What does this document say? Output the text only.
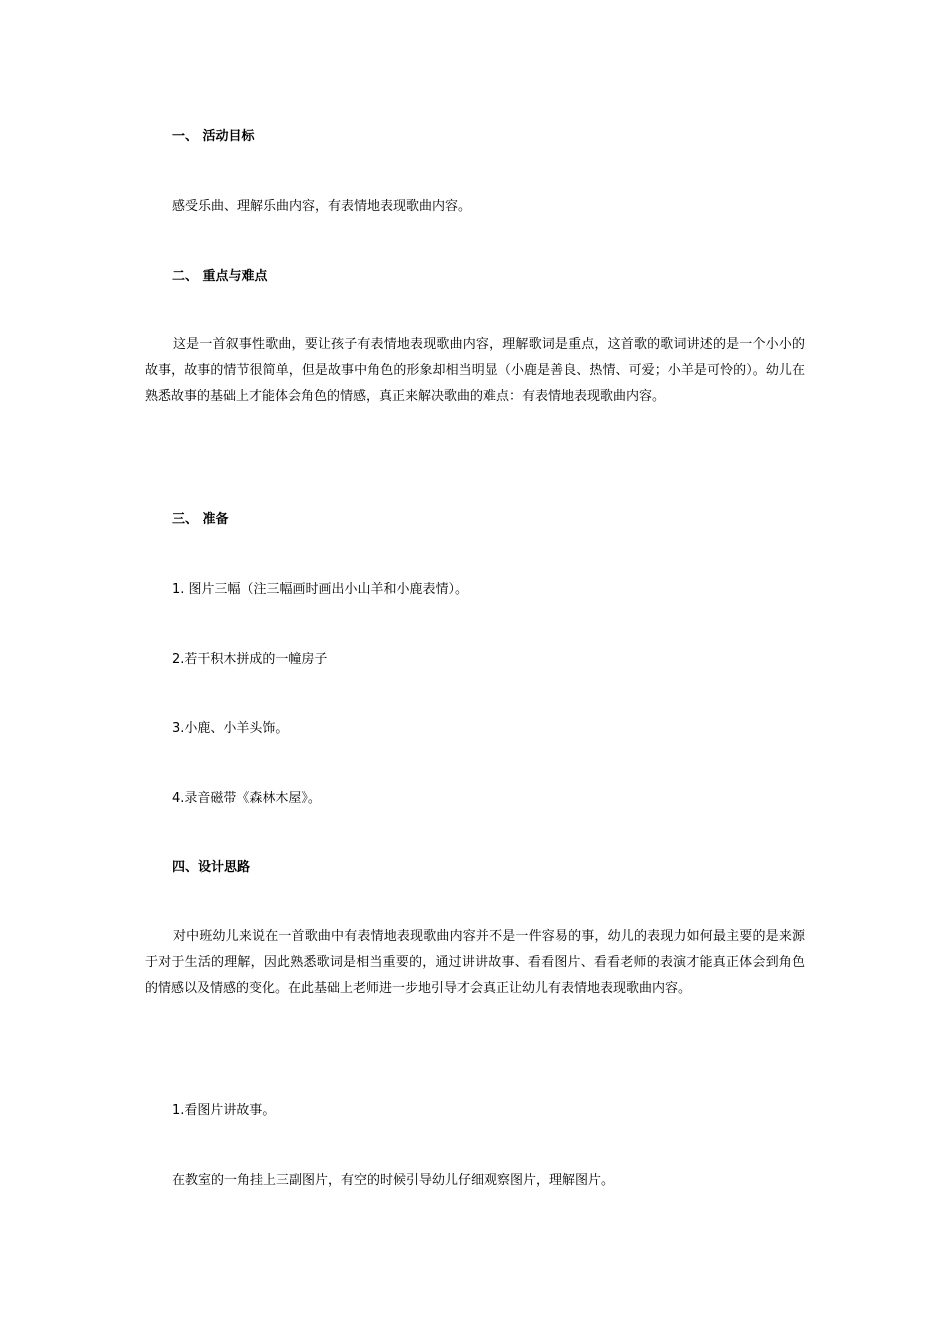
一、 活动目标
感受乐曲、理解乐曲内容，有表情地表现歌曲内容。
二、 重点与难点
这是一首叙事性歌曲，要让孩子有表情地表现歌曲内容，理解歌词是重点，这首歌的歌词讲述的是一个小小的故事，故事的情节很简单，但是故事中角色的形象却相当明显（小鹿是善良、热情、可爱；小羊是可怜的）。幼儿在熟悉故事的基础上才能体会角色的情感，真正来解决歌曲的难点：有表情地表现歌曲内容。
三、 准备
1. 图片三幅（注三幅画时画出小山羊和小鹿表情）。
2.若干积木拼成的一幢房子
3.小鹿、小羊头饰。
4.录音磁带《森林木屋》。
四、设计思路
对中班幼儿来说在一首歌曲中有表情地表现歌曲内容并不是一件容易的事，幼儿的表现力如何最主要的是来源于对于生活的理解，因此熟悉歌词是相当重要的，通过讲讲故事、看看图片、看看老师的表演才能真正体会到角色的情感以及情感的变化。在此基础上老师进一步地引导才会真正让幼儿有表情地表现歌曲内容。
1.看图片讲故事。
在教室的一角挂上三副图片，有空的时候引导幼儿仔细观察图片，理解图片。
